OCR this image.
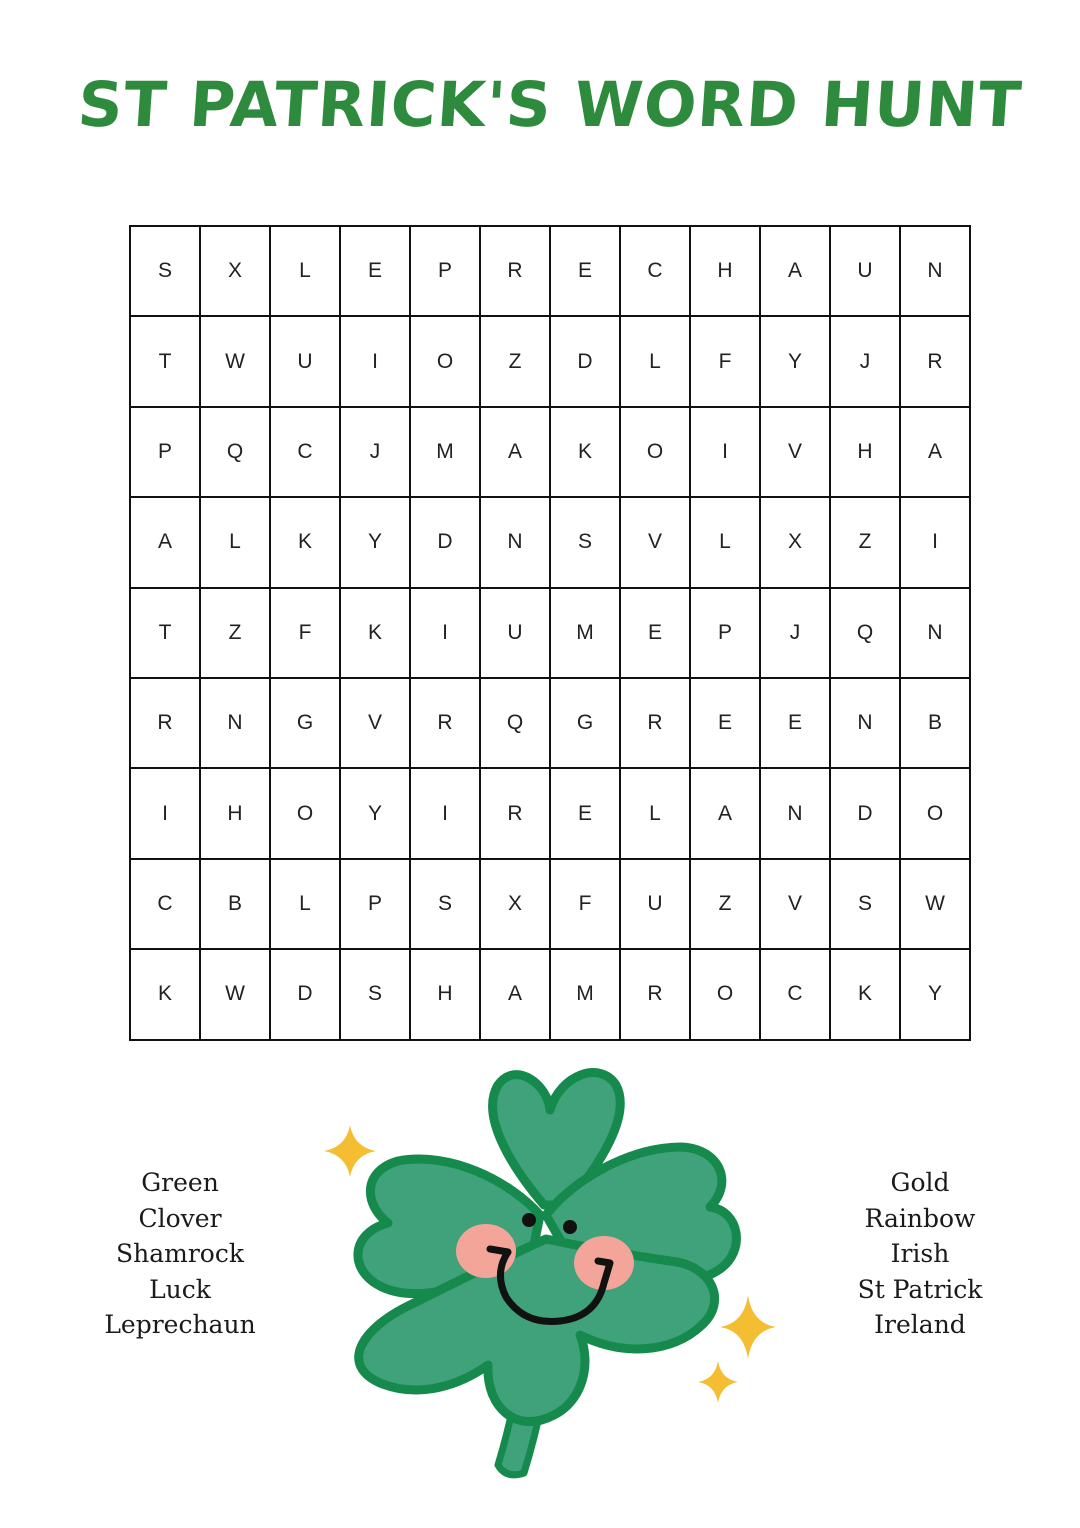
ST PATRICK'S WORD HUNT
S	X	L	E	P	R	E	C	H	A	U	N
T	W	U	I	O	Z	D	L	F	Y	J	R
P	Q	C	J	M	A	K	O	I	V	H	A
A	L	K	Y	D	N	S	V	L	X	Z	I
T	Z	F	K	I	U	M	E	P	J	Q	N
R	N	G	V	R	Q	G	R	E	E	N	B
I	H	O	Y	I	R	E	L	A	N	D	O
C	B	L	P	S	X	F	U	Z	V	S	W
K	W	D	S	H	A	M	R	O	C	K	Y
Green
Clover
Shamrock
Luck
Leprechaun
Gold
Rainbow
Irish
St Patrick
Ireland
